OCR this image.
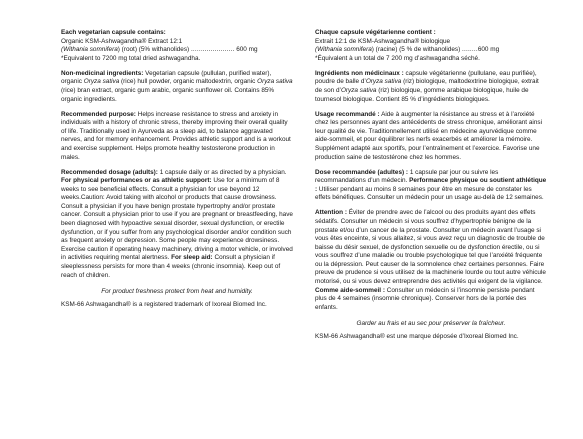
Each vegetarian capsule contains:
Organic KSM-Ashwagandha® Extract 12:1
(Withania somnifera) (root) (5% withanolides) ...................... 600 mg
*Equivalent to 7200 mg total dried ashwagandha.

Non-medicinal ingredients: Vegetarian capsule (pullulan, purified water), organic Oryza sativa (rice) hull powder, organic maltodextrin, organic Oryza sativa (rice) bran extract, organic gum arabic, organic sunflower oil. Contains 85% organic ingredients.

Recommended purpose: Helps increase resistance to stress and anxiety in individuals with a history of chronic stress, thereby improving their overall quality of life. Traditionally used in Ayurveda as a sleep aid, to balance aggravated nerves, and for memory enhancement. Provides athletic support and is a workout and exercise supplement. Helps promote healthy testosterone production in males.

Recommended dosage (adults): 1 capsule daily or as directed by a physician. For physical performances or as athletic support: Use for a minimum of 8 weeks to see beneficial effects. Consult a physician for use beyond 12 weeks.Caution: Avoid taking with alcohol or products that cause drowsiness. Consult a physician if you have benign prostate hypertrophy and/or prostate cancer. Consult a physician prior to use if you are pregnant or breastfeeding, have been diagnosed with hypoactive sexual disorder, sexual dysfunction, or erectile dysfunction, or if you suffer from any psychological disorder and/or condition such as frequent anxiety or depression. Some people may experience drowsiness. Exercise caution if operating heavy machinery, driving a motor vehicle, or involved in activities requiring mental alertness. For sleep aid: Consult a physician if sleeplessness persists for more than 4 weeks (chronic insomnia). Keep out of reach of children.

For product freshness protect from heat and humidity.

KSM-66 Ashwagandha® is a registered trademark of Ixoreal Biomed Inc.

Chaque capsule végétarienne contient :
Extrait 12:1 de KSM-Ashwagandha® biologique
(Withania somnifera) (racine) (5 % de withanolides) ........600 mg
*Équivalent à un total de 7 200 mg d’ashwagandha séché.

Ingrédients non médicinaux : capsule végétarienne (pullulane, eau purifiée), poudre de balle d’Oryza sativa (riz) biologique, maltodextrine biologique, extrait de son d’Oryza sativa (riz) biologique, gomme arabique biologique, huile de tournesol biologique. Contient 85 % d’ingrédients biologiques.

Usage recommandé : Aide à augmenter la résistance au stress et à l’anxiété chez les personnes ayant des antécédents de stress chronique, améliorant ainsi leur qualité de vie. Traditionnellement utilisé en médecine ayurvédique comme aide-sommeil, et pour équilibrer les nerfs exacerbés et améliorer la mémoire. Supplément adapté aux sportifs, pour l’entraînement et l’exercice. Favorise une production saine de testostérone chez les hommes.

Dose recommandée (adultes) : 1 capsule par jour ou suivre les recommandations d’un médecin. Performance physique ou soutient athlétique : Utiliser pendant au moins 8 semaines pour être en mesure de constater les effets bénéfiques. Consulter un médecin pour un usage au-delà de 12 semaines.

Attention : Éviter de prendre avec de l’alcool ou des produits ayant des effets sédatifs. Consulter un médecin si vous souffrez d’hypertrophie bénigne de la prostate et/ou d’un cancer de la prostate. Consulter un médecin avant l’usage si vous êtes enceinte, si vous allaitez, si vous avez reçu un diagnostic de trouble de baisse du désir sexuel, de dysfonction sexuelle ou de dysfonction érectile, ou si vous souffrez d’une maladie ou trouble psychologique tel que l’anxiété fréquente ou la dépression. Peut causer de la somnolence chez certaines personnes. Faire preuve de prudence si vous utilisez de la machinerie lourde ou tout autre véhicule motorisé, ou si vous devez entreprendre des activités qui exigent de la vigilance. Comme aide-sommeil : Consulter un médecin si l’insomnie persiste pendant plus de 4 semaines (insomnie chronique). Conserver hors de la portée des enfants.

Garder au frais et au sec pour préserver la fraîcheur.

KSM-66 Ashwagandha® est une marque déposée d’Ixoreal Biomed Inc.
